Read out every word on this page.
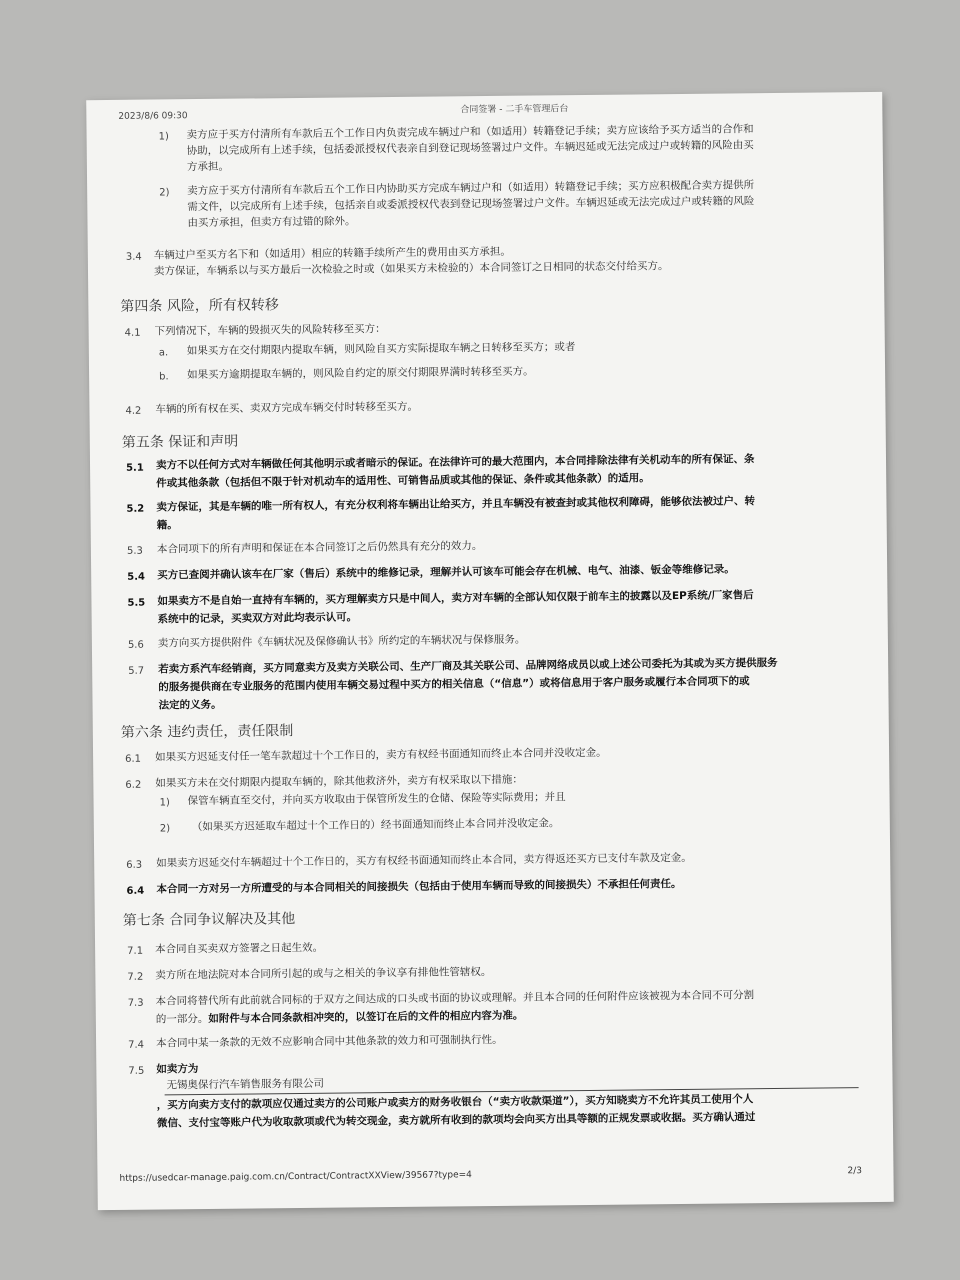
2023/8/6 09:30
合同签署 - 二手车管理后台
1) 卖方应于买方付清所有车款后五个工作日内负责完成车辆过户和（如适用）转籍登记手续；卖方应该给予买方适当的合作和
协助，以完成所有上述手续，包括委派授权代表亲自到登记现场签署过户文件。车辆迟延或无法完成过户或转籍的风险由买
方承担。
2) 卖方应于买方付清所有车款后五个工作日内协助买方完成车辆过户和（如适用）转籍登记手续；买方应积极配合卖方提供所
需文件，以完成所有上述手续，包括亲自或委派授权代表到登记现场签署过户文件。车辆迟延或无法完成过户或转籍的风险
由买方承担，但卖方有过错的除外。
3.4 车辆过户至买方名下和（如适用）相应的转籍手续所产生的费用由买方承担。
卖方保证，车辆系以与买方最后一次检验之时或（如果买方未检验的）本合同签订之日相同的状态交付给买方。
第四条 风险，所有权转移
4.1 下列情况下，车辆的毁损灭失的风险转移至买方：
a. 如果买方在交付期限内提取车辆，则风险自买方实际提取车辆之日转移至买方；或者
b. 如果买方逾期提取车辆的，则风险自约定的原交付期限界满时转移至买方。
4.2 车辆的所有权在买、卖双方完成车辆交付时转移至买方。
第五条 保证和声明
5.1 卖方不以任何方式对车辆做任何其他明示或者暗示的保证。在法律许可的最大范围内，本合同排除法律有关机动车的所有保证、条
件或其他条款（包括但不限于针对机动车的适用性、可销售品质或其他的保证、条件或其他条款）的适用。
5.2 卖方保证，其是车辆的唯一所有权人，有充分权利将车辆出让给买方，并且车辆没有被查封或其他权利障碍，能够依法被过户、转
籍。
5.3 本合同项下的所有声明和保证在本合同签订之后仍然具有充分的效力。
5.4 买方已查阅并确认该车在厂家（售后）系统中的维修记录，理解并认可该车可能会存在机械、电气、油漆、钣金等维修记录。
5.5 如果卖方不是自始一直持有车辆的，买方理解卖方只是中间人，卖方对车辆的全部认知仅限于前车主的披露以及EP系统/厂家售后
系统中的记录，买卖双方对此均表示认可。
5.6 卖方向买方提供附件《车辆状况及保修确认书》所约定的车辆状况与保修服务。
5.7 若卖方系汽车经销商，买方同意卖方及卖方关联公司、生产厂商及其关联公司、品牌网络成员以或上述公司委托为其或为买方提供服务
的服务提供商在专业服务的范围内使用车辆交易过程中买方的相关信息（“信息”）或将信息用于客户服务或履行本合同项下的或
法定的义务。
第六条 违约责任，责任限制
6.1 如果买方迟延支付任一笔车款超过十个工作日的，卖方有权经书面通知而终止本合同并没收定金。
6.2 如果买方未在交付期限内提取车辆的，除其他救济外，卖方有权采取以下措施：
1) 保管车辆直至交付，并向买方收取由于保管所发生的仓储、保险等实际费用；并且
2) （如果买方迟延取车超过十个工作日的）经书面通知而终止本合同并没收定金。
6.3 如果卖方迟延交付车辆超过十个工作日的，买方有权经书面通知而终止本合同，卖方得返还买方已支付车款及定金。
6.4 本合同一方对另一方所遭受的与本合同相关的间接损失（包括由于使用车辆而导致的间接损失）不承担任何责任。
第七条 合同争议解决及其他
7.1 本合同自买卖双方签署之日起生效。
7.2 卖方所在地法院对本合同所引起的或与之相关的争议享有排他性管辖权。
7.3 本合同将替代所有此前就合同标的于双方之间达成的口头或书面的协议或理解。并且本合同的任何附件应该被视为本合同不可分割
的一部分。如附件与本合同条款相冲突的，以签订在后的文件的相应内容为准。
7.4 本合同中某一条款的无效不应影响合同中其他条款的效力和可强制执行性。
7.5 如卖方为
无锡奥保行汽车销售服务有限公司
，买方向卖方支付的款项应仅通过卖方的公司账户或卖方的财务收银台（“卖方收款渠道”），买方知晓卖方不允许其员工使用个人
微信、支付宝等账户代为收取款项或代为转交现金，卖方就所有收到的款项均会向买方出具等额的正规发票或收据。买方确认通过
https://usedcar-manage.paig.com.cn/Contract/ContractXXView/39567?type=4	2/3
